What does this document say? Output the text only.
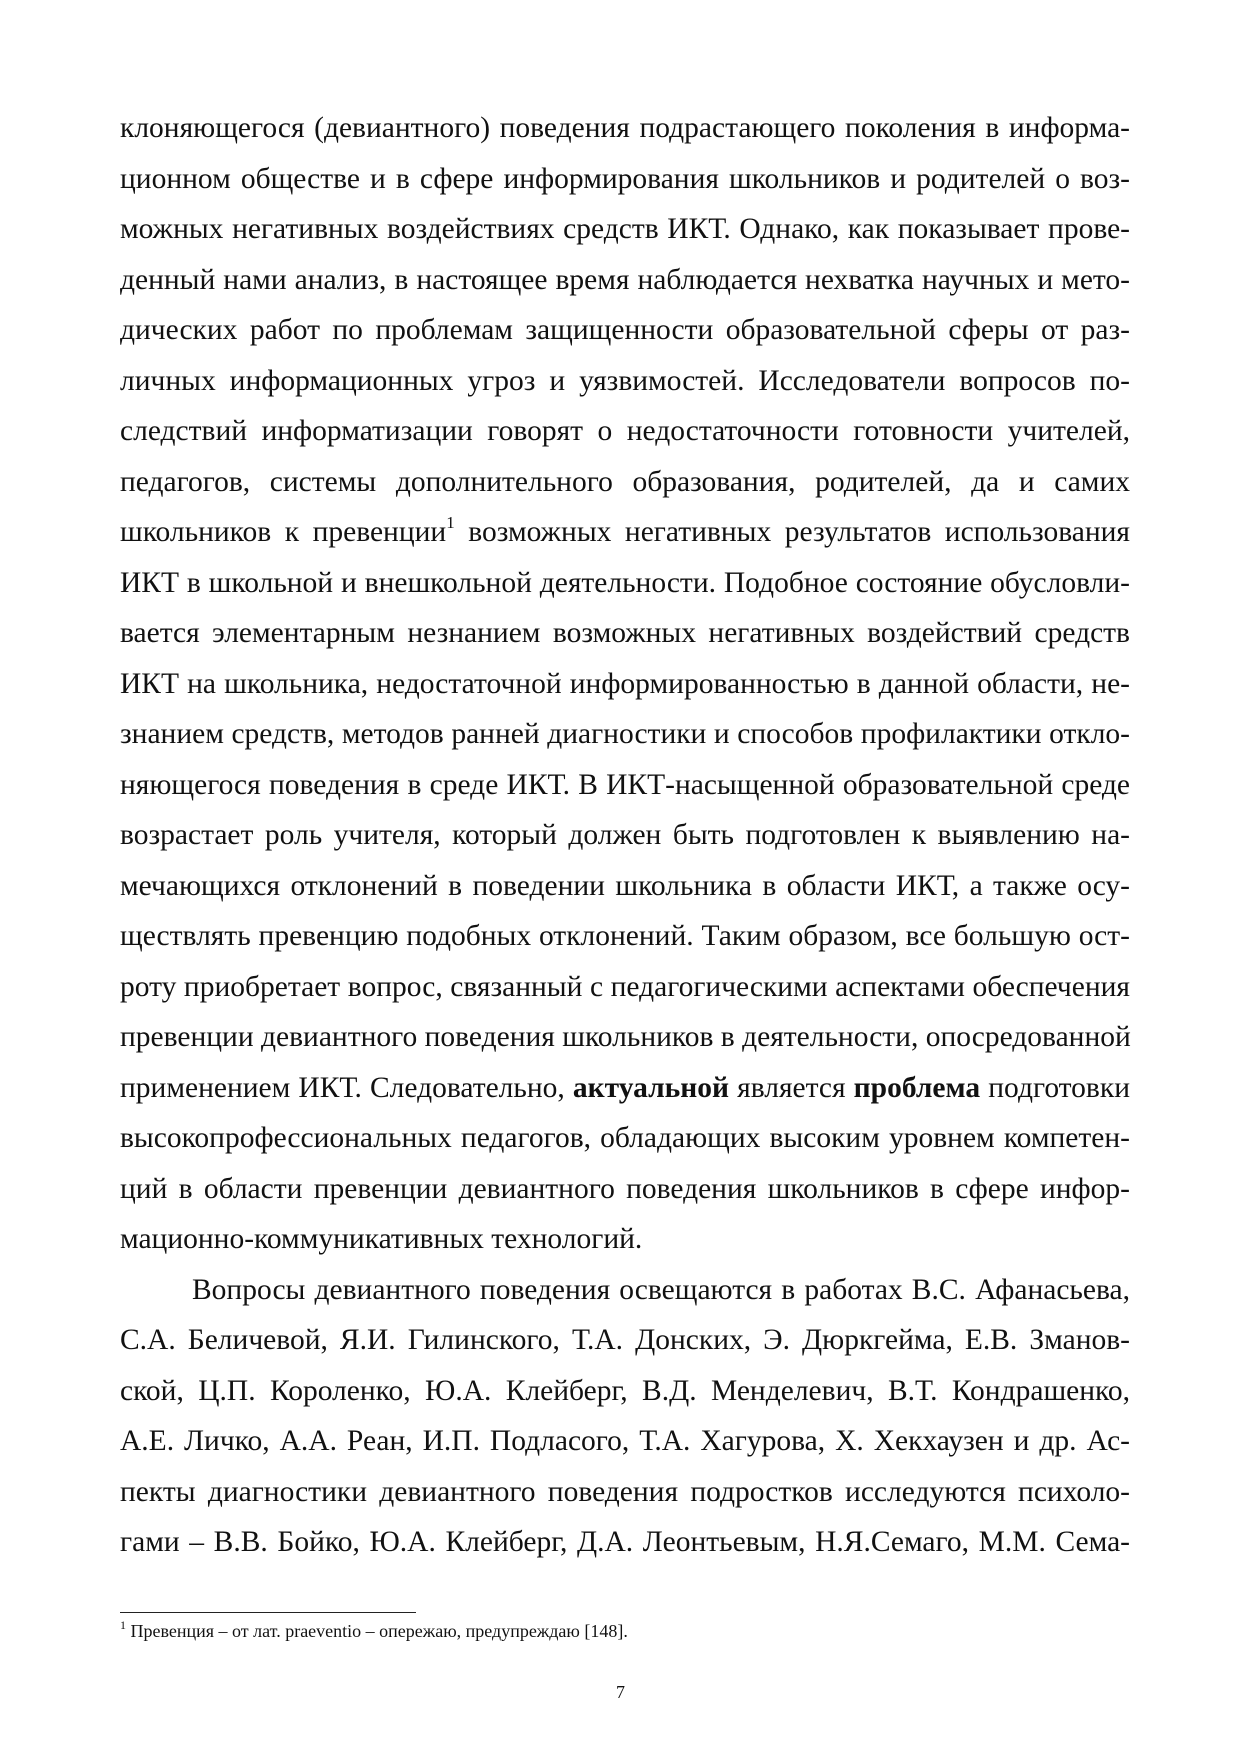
клоняющегося (девиантного) поведения подрастающего поколения в информа-
ционном обществе и в сфере информирования школьников и родителей о воз-
можных негативных воздействиях средств ИКТ. Однако, как показывает прове-
денный нами анализ, в настоящее время наблюдается нехватка научных и мето-
дических работ по проблемам защищенности образовательной сферы от раз-
личных информационных угроз и уязвимостей. Исследователи вопросов по-
следствий информатизации говорят о недостаточности готовности учителей,
педагогов, системы дополнительного образования, родителей, да и самих
школьников к превенции$^1$ возможных негативных результатов использования
ИКТ в школьной и внешкольной деятельности. Подобное состояние обусловли-
вается элементарным незнанием возможных негативных воздействий средств
ИКТ на школьника, недостаточной информированностью в данной области, не-
знанием средств, методов ранней диагностики и способов профилактики откло-
няющегося поведения в среде ИКТ. В ИКТ-насыщенной образовательной среде
возрастает роль учителя, который должен быть подготовлен к выявлению на-
мечающихся отклонений в поведении школьника в области ИКТ, а также осу-
ществлять превенцию подобных отклонений. Таким образом, все большую ост-
роту приобретает вопрос, связанный с педагогическими аспектами обеспечения
превенции девиантного поведения школьников в деятельности, опосредованной
применением ИКТ. Следовательно, актуальной является проблема подготовки
высокопрофессиональных педагогов, обладающих высоким уровнем компетен-
ций в области превенции девиантного поведения школьников в сфере инфор-
мационно-коммуникативных технологий.
Вопросы девиантного поведения освещаются в работах В.С. Афанасьева,
С.А. Беличевой, Я.И. Гилинского, Т.А. Донских, Э. Дюркгейма, Е.В. Зманов-
ской, Ц.П. Короленко, Ю.А. Клейберг, В.Д. Менделевич, В.Т. Кондрашенко,
А.Е. Личко, А.А. Реан, И.П. Подласого, Т.А. Хагурова, Х. Хекхаузен и др. Ас-
пекты диагностики девиантного поведения подростков исследуются психоло-
гами – В.В. Бойко, Ю.А. Клейберг, Д.А. Леонтьевым, Н.Я.Семаго, М.М. Сема-
$^1$ Превенция – от лат. praeventio – опережаю, предупреждаю [148].
7
